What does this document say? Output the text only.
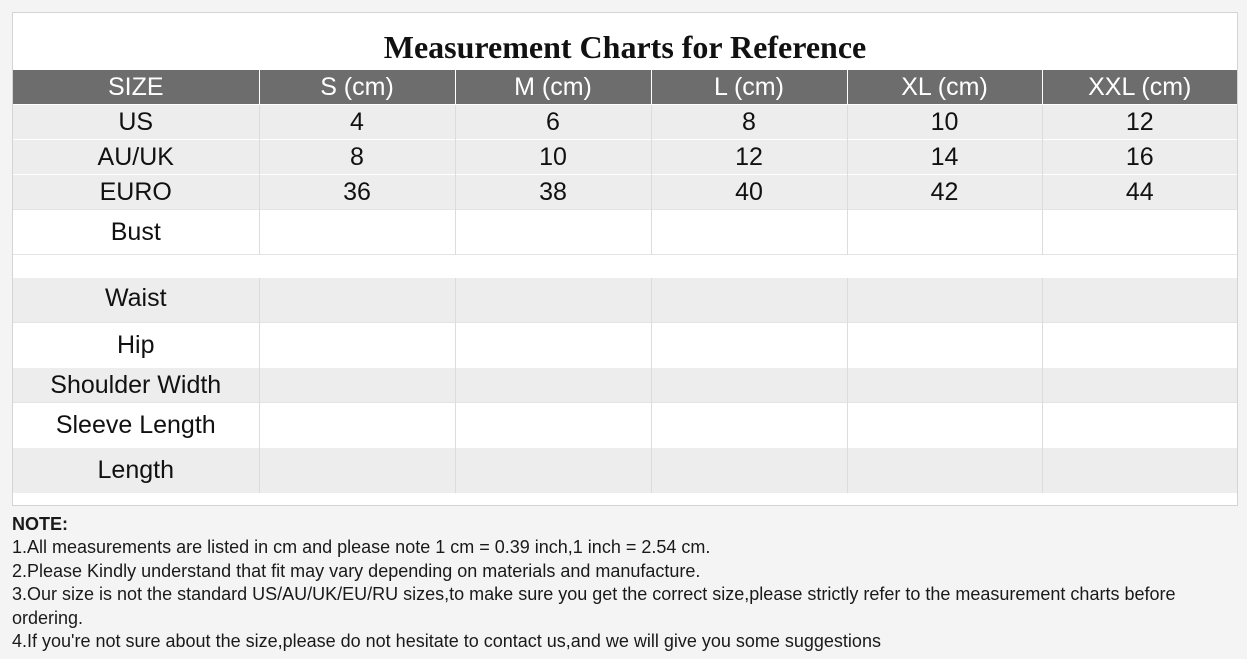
Measurement Charts for Reference
SIZE	S (cm)	M (cm)	L (cm)	XL (cm)	XXL (cm)
US	4	6	8	10	12
AU/UK	8	10	12	14	16
EURO	36	38	40	42	44
Bust					

Waist					
Hip					
Shoulder Width					
Sleeve Length					
Length					
NOTE:
1.All measurements are listed in cm and please note 1 cm = 0.39 inch,1 inch = 2.54 cm.
2.Please Kindly understand that fit may vary depending on materials and manufacture.
3.Our size is not the standard US/AU/UK/EU/RU sizes,to make sure you get the correct size,please strictly refer to the measurement charts before ordering.
4.If you're not sure about the size,please do not hesitate to contact us,and we will give you some suggestions
